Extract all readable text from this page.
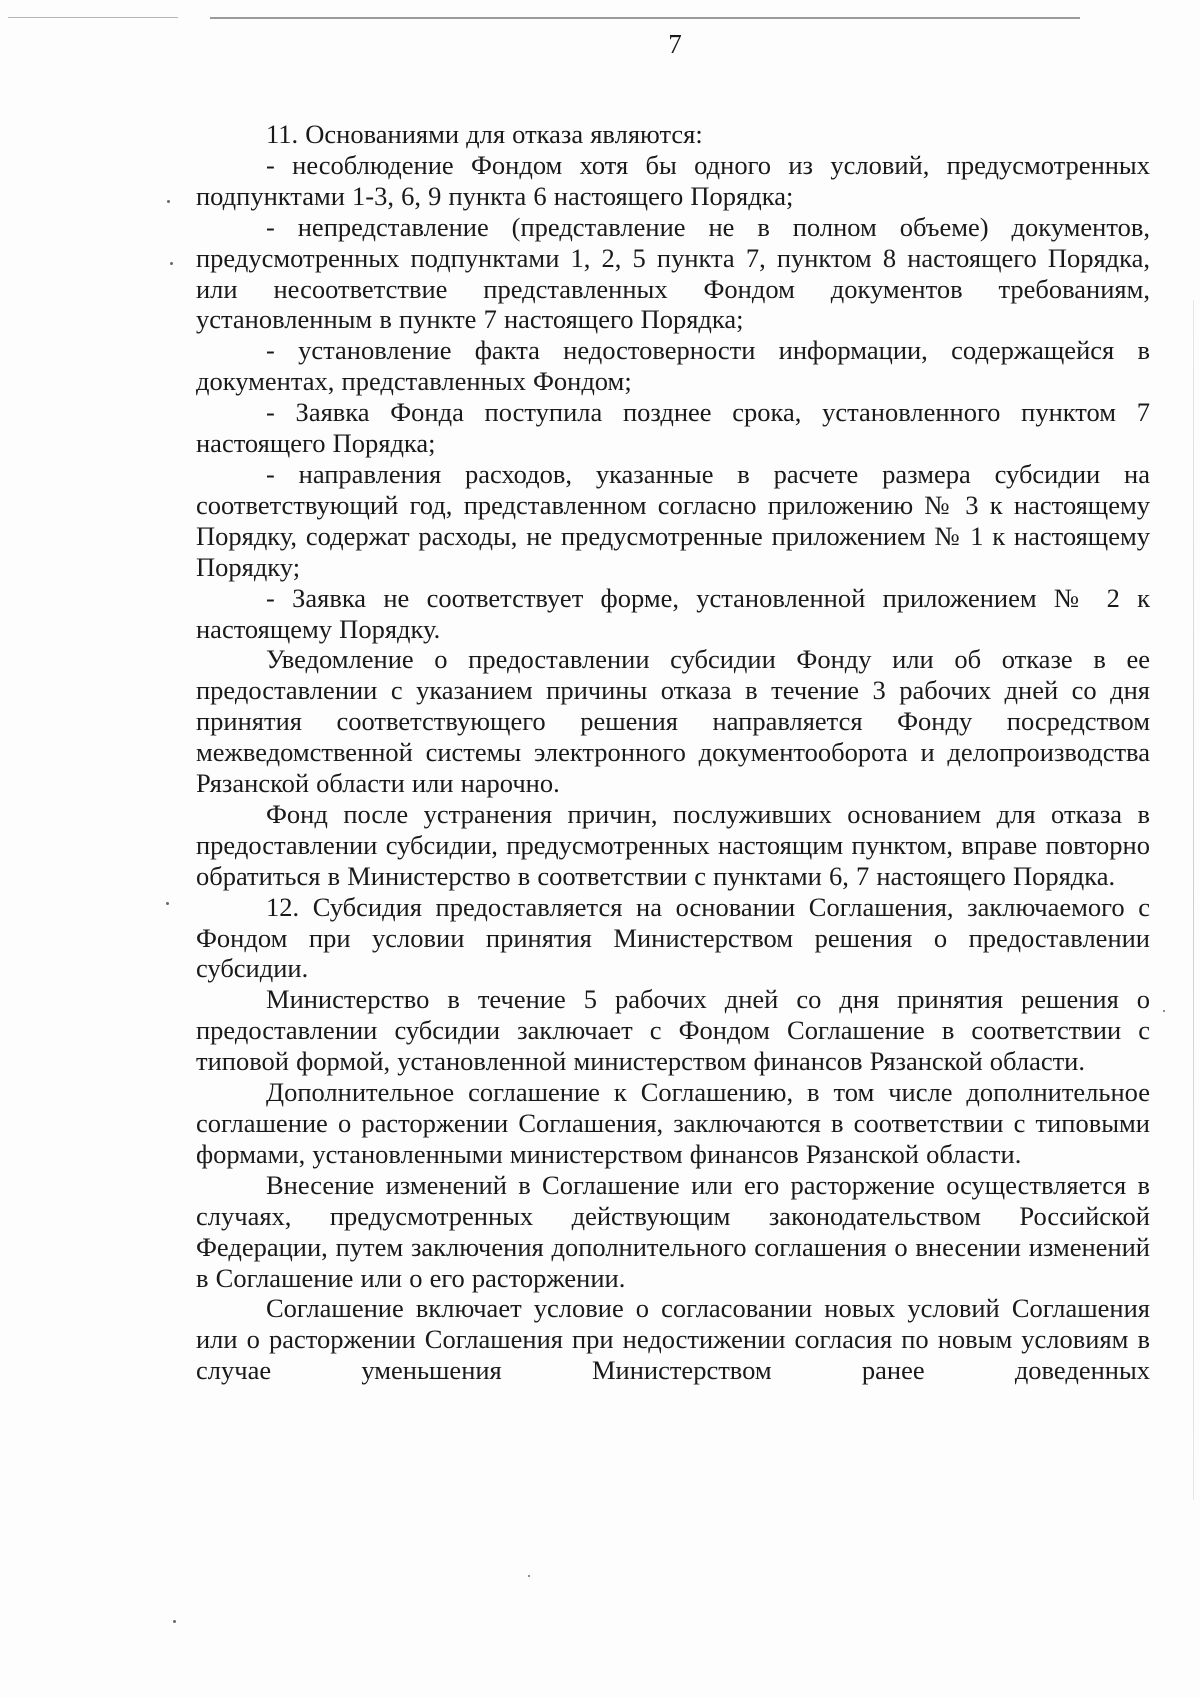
7

11. Основаниями для отказа являются:

- несоблюдение Фондом хотя бы одного из условий, предусмотренных подпунктами 1-3, 6, 9 пункта 6 настоящего Порядка;

- непредставление (представление не в полном объеме) документов, предусмотренных подпунктами 1, 2, 5 пункта 7, пунктом 8 настоящего Порядка, или несоответствие представленных Фондом документов требованиям, установленным в пункте 7 настоящего Порядка;

- установление факта недостоверности информации, содержащейся в документах, представленных Фондом;

- Заявка Фонда поступила позднее срока, установленного пунктом 7 настоящего Порядка;

- направления расходов, указанные в расчете размера субсидии на соответствующий год, представленном согласно приложению № 3 к настоящему Порядку, содержат расходы, не предусмотренные приложением № 1 к настоящему Порядку;

- Заявка не соответствует форме, установленной приложением № 2 к настоящему Порядку.

Уведомление о предоставлении субсидии Фонду или об отказе в ее предоставлении с указанием причины отказа в течение 3 рабочих дней со дня принятия соответствующего решения направляется Фонду посредством межведомственной системы электронного документооборота и делопроизводства Рязанской области или нарочно.

Фонд после устранения причин, послуживших основанием для отказа в предоставлении субсидии, предусмотренных настоящим пунктом, вправе повторно обратиться в Министерство в соответствии с пунктами 6, 7 настоящего Порядка.

12. Субсидия предоставляется на основании Соглашения, заключаемого с Фондом при условии принятия Министерством решения о предоставлении субсидии.

Министерство в течение 5 рабочих дней со дня принятия решения о предоставлении субсидии заключает с Фондом Соглашение в соответствии с типовой формой, установленной министерством финансов Рязанской области.

Дополнительное соглашение к Соглашению, в том числе дополнительное соглашение о расторжении Соглашения, заключаются в соответствии с типовыми формами, установленными министерством финансов Рязанской области.

Внесение изменений в Соглашение или его расторжение осуществляется в случаях, предусмотренных действующим законодательством Российской Федерации, путем заключения дополнительного соглашения о внесении изменений в Соглашение или о его расторжении.

Соглашение включает условие о согласовании новых условий Соглашения или о расторжении Соглашения при недостижении согласия по новым условиям в случае уменьшения Министерством ранее доведенных
